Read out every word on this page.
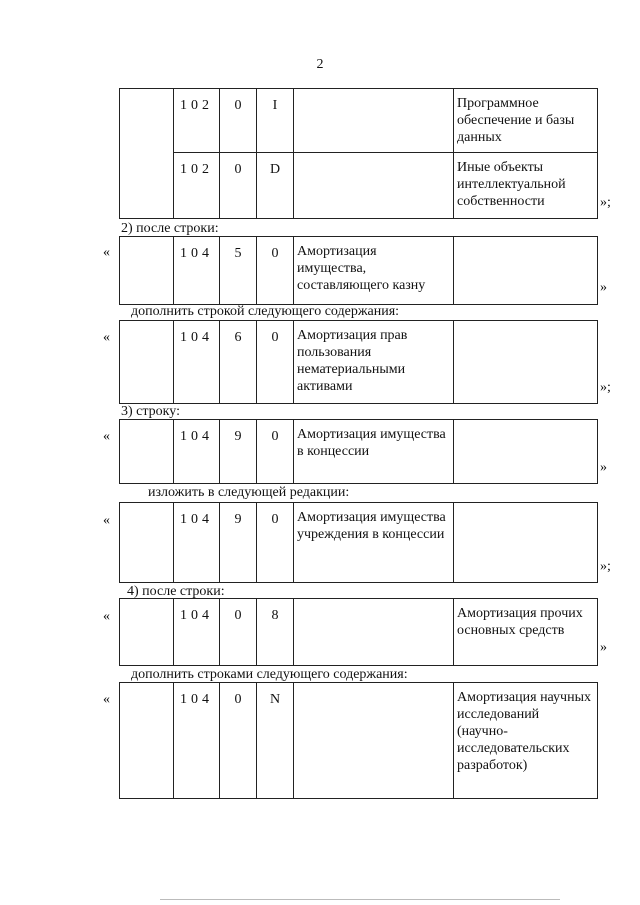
2
	102	0	I		Программное обеспечение и базы данных
	102	0	D		Иные объекты интеллектуальной собственности	»;
2) после строки:
«
		104	5	0	Амортизация имущества, составляющего казну		»
дополнить строкой следующего содержания:
«
		104	6	0	Амортизация прав пользования нематериальными активами		»;
3) строку:
«
		104	9	0	Амортизация имущества в концессии	
»
изложить в следующей редакции:
«
		104	9	0	Амортизация имущества учреждения в концессии	
»;
4) после строки:
«
		104	0	8		Амортизация прочих основных средств
»
дополнить строками следующего содержания:
«
		104	0	N		Амортизация научных исследований (научно-исследовательских разработок)
